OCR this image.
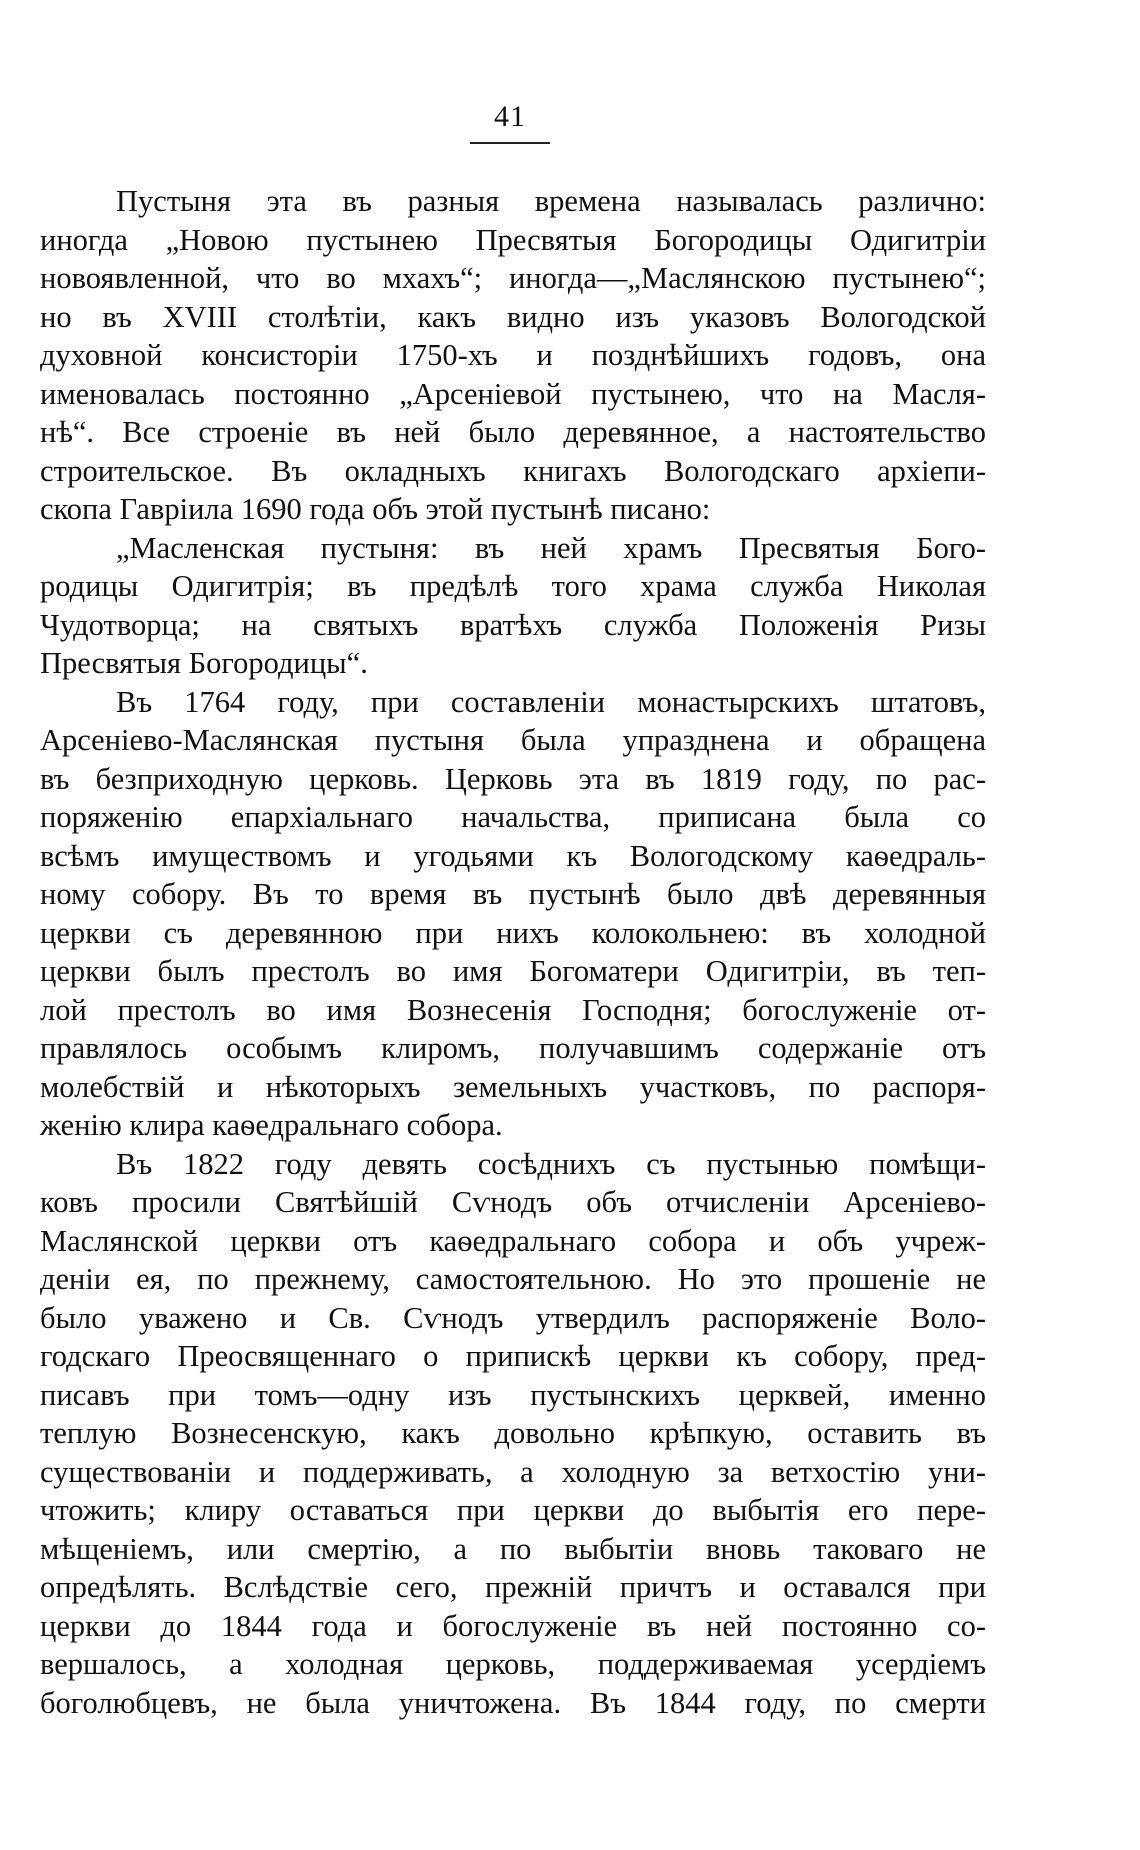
41
Пустыня эта въ разныя времена называлась различно:
иногда „Новою пустынею Пресвятыя Богородицы Одигитріи
новоявленной, что во мхахъ“; иногда—„Маслянскою пустынею“;
но въ XVIII столѣтіи, какъ видно изъ указовъ Вологодской
духовной консисторіи 1750-хъ и позднѣйшихъ годовъ, она
именовалась постоянно „Арсеніевой пустынею, что на Масля-
нѣ“. Все строеніе въ ней было деревянное, а настоятельство
строительское. Въ окладныхъ книгахъ Вологодскаго архіепи-
скопа Гавріила 1690 года объ этой пустынѣ писано:
„Масленская пустыня: въ ней храмъ Пресвятыя Бого-
родицы Одигитрія; въ предѣлѣ того храма служба Николая
Чудотворца; на святыхъ вратѣхъ служба Положенія Ризы
Пресвятыя Богородицы“.
Въ 1764 году, при составленіи монастырскихъ штатовъ,
Арсеніево-Маслянская пустыня была упразднена и обращена
въ безприходную церковь. Церковь эта въ 1819 году, по рас-
поряженію епархіальнаго начальства, приписана была со
всѣмъ имуществомъ и угодьями къ Вологодскому каѳедраль-
ному собору. Въ то время въ пустынѣ было двѣ деревянныя
церкви съ деревянною при нихъ колокольнею: въ холодной
церкви былъ престолъ во имя Богоматери Одигитріи, въ теп-
лой престолъ во имя Вознесенія Господня; богослуженіе от-
правлялось особымъ клиромъ, получавшимъ содержаніе отъ
молебствій и нѣкоторыхъ земельныхъ участковъ, по распоря-
женію клира каѳедральнаго собора.
Въ 1822 году девять сосѣднихъ съ пустынью помѣщи-
ковъ просили Святѣйшій Сѵнодъ объ отчисленіи Арсеніево-
Маслянской церкви отъ каѳедральнаго собора и объ учреж-
деніи ея, по прежнему, самостоятельною. Но это прошеніе не
было уважено и Св. Сѵнодъ утвердилъ распоряженіе Воло-
годскаго Преосвященнаго о припискѣ церкви къ собору, пред-
писавъ при томъ—одну изъ пустынскихъ церквей, именно
теплую Вознесенскую, какъ довольно крѣпкую, оставить въ
существованіи и поддерживать, а холодную за ветхостію уни-
чтожить; клиру оставаться при церкви до выбытія его пере-
мѣщеніемъ, или смертію, а по выбытіи вновь таковаго не
опредѣлять. Вслѣдствіе сего, прежній причтъ и оставался при
церкви до 1844 года и богослуженіе въ ней постоянно со-
вершалось, а холодная церковь, поддерживаемая усердіемъ
боголюбцевъ, не была уничтожена. Въ 1844 году, по смерти
